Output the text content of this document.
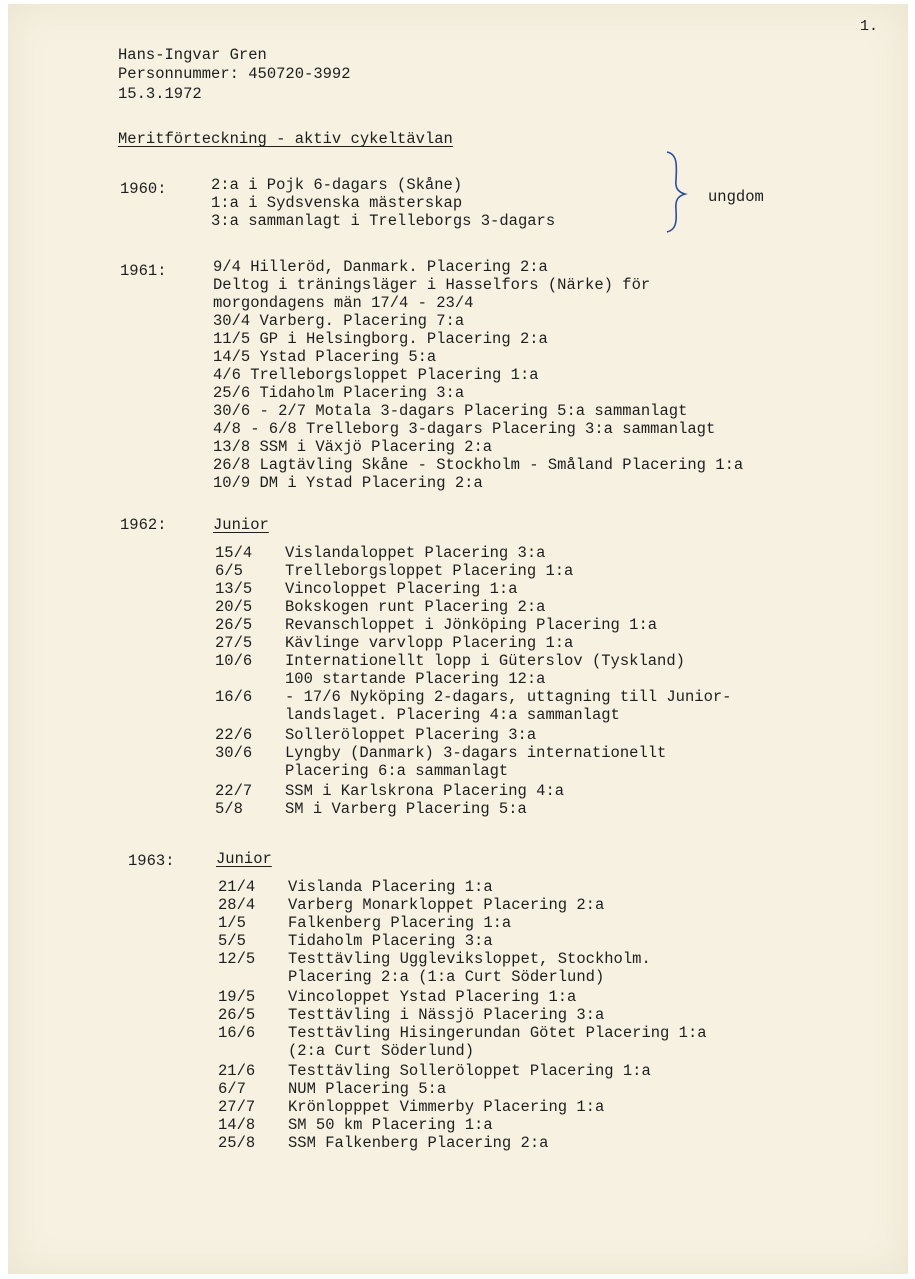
1.
Hans-Ingvar Gren
Personnummer: 450720-3992
15.3.1972
Meritförteckning - aktiv cykeltävlan
1960:	2:a i Pojk 6-dagars (Skåne)
1:a i Sydsvenska mästerskap
3:a sammanlagt i Trelleborgs 3-dagars
ungdom
1961:	9/4 Hilleröd, Danmark. Placering 2:a
Deltog i träningsläger i Hasselfors (Närke) för
morgondagens män 17/4 - 23/4
30/4 Varberg. Placering 7:a
11/5 GP i Helsingborg. Placering 2:a
14/5 Ystad Placering 5:a
4/6 Trelleborgsloppet Placering 1:a
25/6 Tidaholm Placering 3:a
30/6 - 2/7 Motala 3-dagars Placering 5:a sammanlagt
4/8 - 6/8 Trelleborg 3-dagars Placering 3:a sammanlagt
13/8 SSM i Växjö Placering 2:a
26/8 Lagtävling Skåne - Stockholm - Småland Placering 1:a
10/9 DM i Ystad Placering 2:a
1962:	Junior
15/4 Vislandaloppet Placering 3:a
6/5	Trelleborgsloppet Placering 1:a
13/5 Vincoloppet Placering 1:a
20/5 Bokskogen runt Placering 2:a
26/5 Revanschloppet i Jönköping Placering 1:a
27/5 Kävlinge varvlopp Placering 1:a
10/6 Internationellt lopp i Güterslov (Tyskland)
100 startande Placering 12:a
16/6 - 17/6 Nyköping 2-dagars, uttagning till Junior-
landslaget. Placering 4:a sammanlagt
22/6 Solleröloppet Placering 3:a
30/6 Lyngby (Danmark) 3-dagars internationellt
Placering 6:a sammanlagt
22/7 SSM i Karlskrona Placering 4:a
5/8	SM i Varberg Placering 5:a
1963:	Junior
21/4 Vislanda Placering 1:a
28/4 Varberg Monarkloppet Placering 2:a
1/5	Falkenberg Placering 1:a
5/5	Tidaholm Placering 3:a
12/5 Testtävling Uggleviksloppet, Stockholm.
Placering 2:a (1:a Curt Söderlund)
19/5 Vincoloppet Ystad Placering 1:a
26/5 Testtävling i Nässjö Placering 3:a
16/6 Testtävling Hisingerundan Götet Placering 1:a
(2:a Curt Söderlund)
21/6 Testtävling Solleröloppet Placering 1:a
6/7	NUM Placering 5:a
27/7 Krönlopppet Vimmerby Placering 1:a
14/8 SM 50 km Placering 1:a
25/8 SSM Falkenberg Placering 2:a
